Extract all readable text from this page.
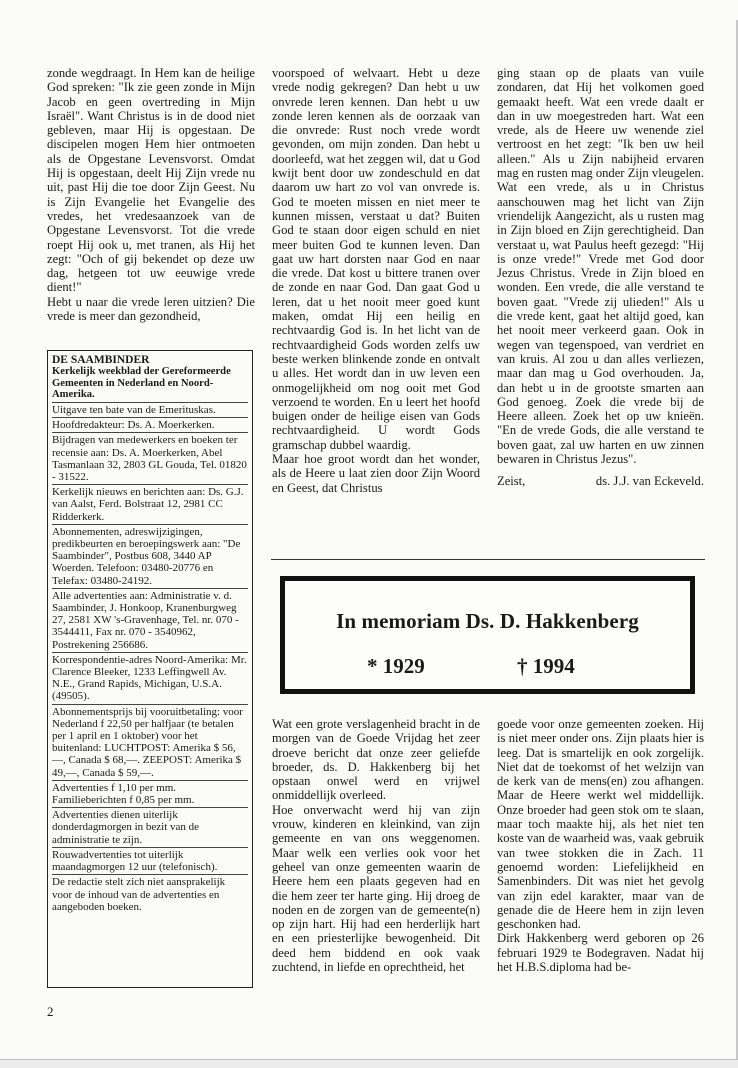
zonde wegdraagt. In Hem kan de heilige God spreken: "Ik zie geen zonde in Mijn Jacob en geen overtreding in Mijn Israël". Want Christus is in de dood niet gebleven, maar Hij is opgestaan. De discipelen mogen Hem hier ontmoeten als de Opgestane Levensvorst. Omdat Hij is opgestaan, deelt Hij Zijn vrede nu uit, past Hij die toe door Zijn Geest. Nu is Zijn Evangelie het Evangelie des vredes, het vredesaanzoek van de Opgestane Levensvorst. Tot die vrede roept Hij ook u, met tranen, als Hij het zegt: "Och of gij bekendet op deze uw dag, hetgeen tot uw eeuwige vrede dient!"

Hebt u naar die vrede leren uitzien? Die vrede is meer dan gezondheid,

DE SAAMBINDER
Kerkelijk weekblad der Gereformeerde Gemeenten in Nederland en Noord-Amerika.
Uitgave ten bate van de Emerituskas.
Hoofdredakteur: Ds. A. Moerkerken.
Bijdragen van medewerkers en boeken ter recensie aan: Ds. A. Moerkerken, Abel Tasmanlaan 32, 2803 GL Gouda, Tel. 01820 - 31522.
Kerkelijk nieuws en berichten aan: Ds. G.J. van Aalst, Ferd. Bolstraat 12, 2981 CC Ridderkerk.
Abonnementen, adreswijzigingen, predikbeurten en beroepingswerk aan: "De Saambinder", Postbus 608, 3440 AP Woerden. Telefoon: 03480-20776 en Telefax: 03480-24192.
Alle advertenties aan: Administratie v. d. Saambinder, J. Honkoop, Kranenburgweg 27, 2581 XW 's-Gravenhage, Tel. nr. 070 - 3544411, Fax nr. 070 - 3540962, Postrekening 256686.
Korrespondentie-adres Noord-Amerika: Mr. Clarence Bleeker, 1233 Leffingwell Av. N.E., Grand Rapids, Michigan, U.S.A. (49505).
Abonnementsprijs bij vooruitbetaling: voor Nederland f 22,50 per halfjaar (te betalen per 1 april en 1 oktober) voor het buitenland: LUCHTPOST: Amerika $ 56,—, Canada $ 68,—. ZEEPOST: Amerika $ 49,—, Canada $ 59,—.
Advertenties f 1,10 per mm. Familieberichten f 0,85 per mm.
Advertenties dienen uiterlijk donderdagmorgen in bezit van de administratie te zijn.
Rouwadvertenties tot uiterlijk maandagmorgen 12 uur (telefonisch).
De redactie stelt zich niet aansprakelijk voor de inhoud van de advertenties en aangeboden boeken.

voorspoed of welvaart. Hebt u deze vrede nodig gekregen? Dan hebt u uw onvrede leren kennen. Dan hebt u uw zonde leren kennen als de oorzaak van die onvrede: Rust noch vrede wordt gevonden, om mijn zonden. Dan hebt u doorleefd, wat het zeggen wil, dat u God kwijt bent door uw zondeschuld en dat daarom uw hart zo vol van onvrede is. God te moeten missen en niet meer te kunnen missen, verstaat u dat? Buiten God te staan door eigen schuld en niet meer buiten God te kunnen leven. Dan gaat uw hart dorsten naar God en naar die vrede. Dat kost u bittere tranen over de zonde en naar God. Dan gaat God u leren, dat u het nooit meer goed kunt maken, omdat Hij een heilig en rechtvaardig God is. In het licht van de rechtvaardigheid Gods worden zelfs uw beste werken blinkende zonde en ontvalt u alles. Het wordt dan in uw leven een onmogelijkheid om nog ooit met God verzoend te worden. En u leert het hoofd buigen onder de heilige eisen van Gods rechtvaardigheid. U wordt Gods gramschap dubbel waardig.

Maar hoe groot wordt dan het wonder, als de Heere u laat zien door Zijn Woord en Geest, dat Christus

ging staan op de plaats van vuile zondaren, dat Hij het volkomen goed gemaakt heeft. Wat een vrede daalt er dan in uw moegestreden hart. Wat een vrede, als de Heere uw wenende ziel vertroost en het zegt: "Ik ben uw heil alleen." Als u Zijn nabijheid ervaren mag en rusten mag onder Zijn vleugelen. Wat een vrede, als u in Christus aanschouwen mag het licht van Zijn vriendelijk Aangezicht, als u rusten mag in Zijn bloed en Zijn gerechtigheid. Dan verstaat u, wat Paulus heeft gezegd: "Hij is onze vrede!" Vrede met God door Jezus Christus. Vrede in Zijn bloed en wonden. Een vrede, die alle verstand te boven gaat. "Vrede zij ulieden!" Als u die vrede kent, gaat het altijd goed, kan het nooit meer verkeerd gaan. Ook in wegen van tegenspoed, van verdriet en van kruis. Al zou u dan alles verliezen, maar dan mag u God overhouden. Ja, dan hebt u in de grootste smarten aan God genoeg. Zoek die vrede bij de Heere alleen. Zoek het op uw knieën. "En de vrede Gods, die alle verstand te boven gaat, zal uw harten en uw zinnen bewaren in Christus Jezus".

Zeist,	ds. J.J. van Eckeveld.
In memoriam Ds. D. Hakkenberg
* 1929	† 1994

Wat een grote verslagenheid bracht in de morgen van de Goede Vrijdag het zeer droeve bericht dat onze zeer geliefde broeder, ds. D. Hakkenberg bij het opstaan onwel werd en vrijwel onmiddellijk overleed.

Hoe onverwacht werd hij van zijn vrouw, kinderen en kleinkind, van zijn gemeente en van ons weggenomen. Maar welk een verlies ook voor het geheel van onze gemeenten waarin de Heere hem een plaats gegeven had en die hem zeer ter harte ging. Hij droeg de noden en de zorgen van de gemeente(n) op zijn hart. Hij had een herderlijk hart en een priesterlijke bewogenheid. Dit deed hem biddend en ook vaak zuchtend, in liefde en oprechtheid, het

goede voor onze gemeenten zoeken. Hij is niet meer onder ons. Zijn plaats hier is leeg. Dat is smartelijk en ook zorgelijk. Niet dat de toekomst of het welzijn van de kerk van de mens(en) zou afhangen. Maar de Heere werkt wel middellijk. Onze broeder had geen stok om te slaan, maar toch maakte hij, als het niet ten koste van de waarheid was, vaak gebruik van twee stokken die in Zach. 11 genoemd worden: Liefelijkheid en Samenbinders. Dit was niet het gevolg van zijn edel karakter, maar van de genade die de Heere hem in zijn leven geschonken had.

Dirk Hakkenberg werd geboren op 26 februari 1929 te Bodegraven. Nadat hij het H.B.S.diploma had be-

2
